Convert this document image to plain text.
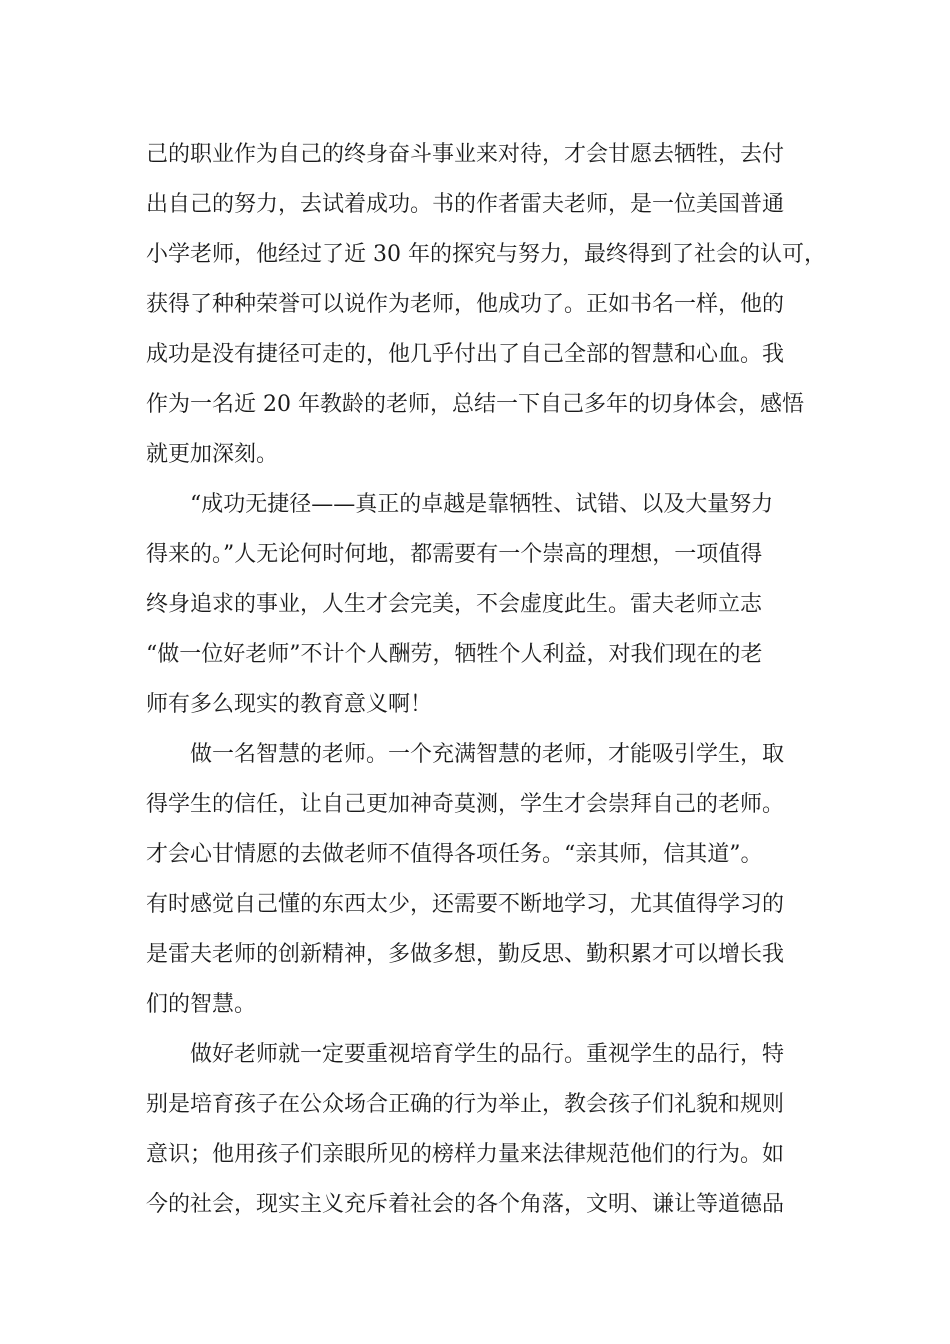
己的职业作为自己的终身奋斗事业来对待，才会甘愿去牺牲，去付
出自己的努力，去试着成功。书的作者雷夫老师，是一位美国普通
小学老师，他经过了近 30 年的探究与努力，最终得到了社会的认可，
获得了种种荣誉可以说作为老师，他成功了。正如书名一样，他的
成功是没有捷径可走的，他几乎付出了自己全部的智慧和心血。我
作为一名近 20 年教龄的老师，总结一下自己多年的切身体会，感悟
就更加深刻。
“成功无捷径——真正的卓越是靠牺牲、试错、以及大量努力
得来的。”人无论何时何地，都需要有一个崇高的理想，一项值得
终身追求的事业，人生才会完美，不会虚度此生。雷夫老师立志
“做一位好老师”不计个人酬劳，牺牲个人利益，对我们现在的老
师有多么现实的教育意义啊！
做一名智慧的老师。一个充满智慧的老师，才能吸引学生，取
得学生的信任，让自己更加神奇莫测，学生才会崇拜自己的老师。
才会心甘情愿的去做老师不值得各项任务。“亲其师，信其道”。
有时感觉自己懂的东西太少，还需要不断地学习，尤其值得学习的
是雷夫老师的创新精神，多做多想，勤反思、勤积累才可以增长我
们的智慧。
做好老师就一定要重视培育学生的品行。重视学生的品行，特
别是培育孩子在公众场合正确的行为举止，教会孩子们礼貌和规则
意识；他用孩子们亲眼所见的榜样力量来法律规范他们的行为。如
今的社会，现实主义充斥着社会的各个角落，文明、谦让等道德品
